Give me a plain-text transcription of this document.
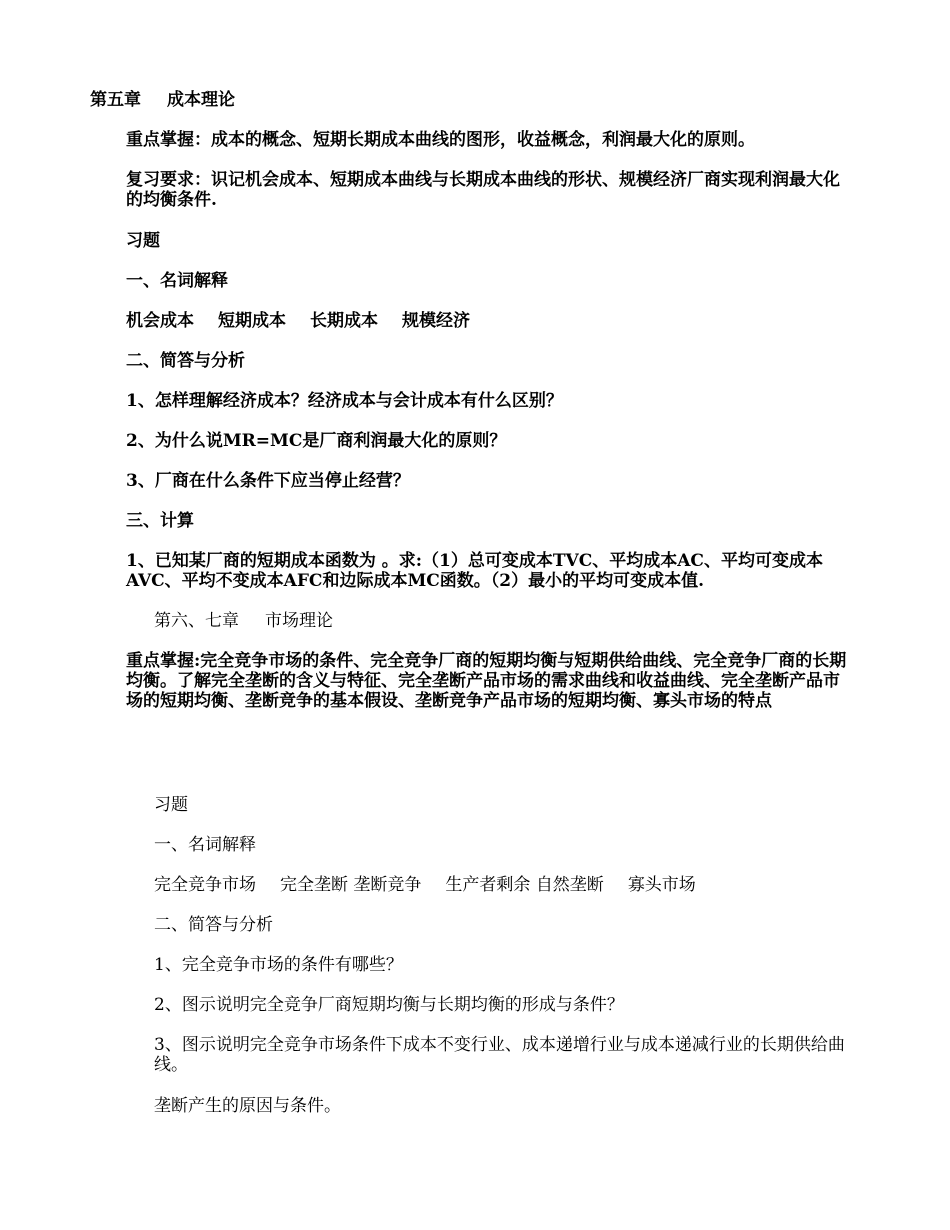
第五章 成本理论

重点掌握：成本的概念、短期长期成本曲线的图形，收益概念，利润最大化的原则。

复习要求：识记机会成本、短期成本曲线与长期成本曲线的形状、规模经济厂商实现利润最大化的均衡条件.

习题

一、名词解释

机会成本 短期成本 长期成本 规模经济

二、简答与分析

1、怎样理解经济成本？经济成本与会计成本有什么区别？

2、为什么说MR=MC是厂商利润最大化的原则？

3、厂商在什么条件下应当停止经营？

三、计算

1、已知某厂商的短期成本函数为 。求:（1）总可变成本TVC、平均成本AC、平均可变成本AVC、平均不变成本AFC和边际成本MC函数。（2）最小的平均可变成本值.

第六、七章 市场理论

重点掌握:完全竞争市场的条件、完全竞争厂商的短期均衡与短期供给曲线、完全竞争厂商的长期均衡。了解完全垄断的含义与特征、完全垄断产品市场的需求曲线和收益曲线、完全垄断产品市场的短期均衡、垄断竞争的基本假设、垄断竞争产品市场的短期均衡、寡头市场的特点

习题

一、名词解释

完全竞争市场 完全垄断 垄断竞争 生产者剩余 自然垄断 寡头市场

二、简答与分析

1、完全竞争市场的条件有哪些？

2、图示说明完全竞争厂商短期均衡与长期均衡的形成与条件？

3、图示说明完全竞争市场条件下成本不变行业、成本递增行业与成本递减行业的长期供给曲线。

垄断产生的原因与条件。
